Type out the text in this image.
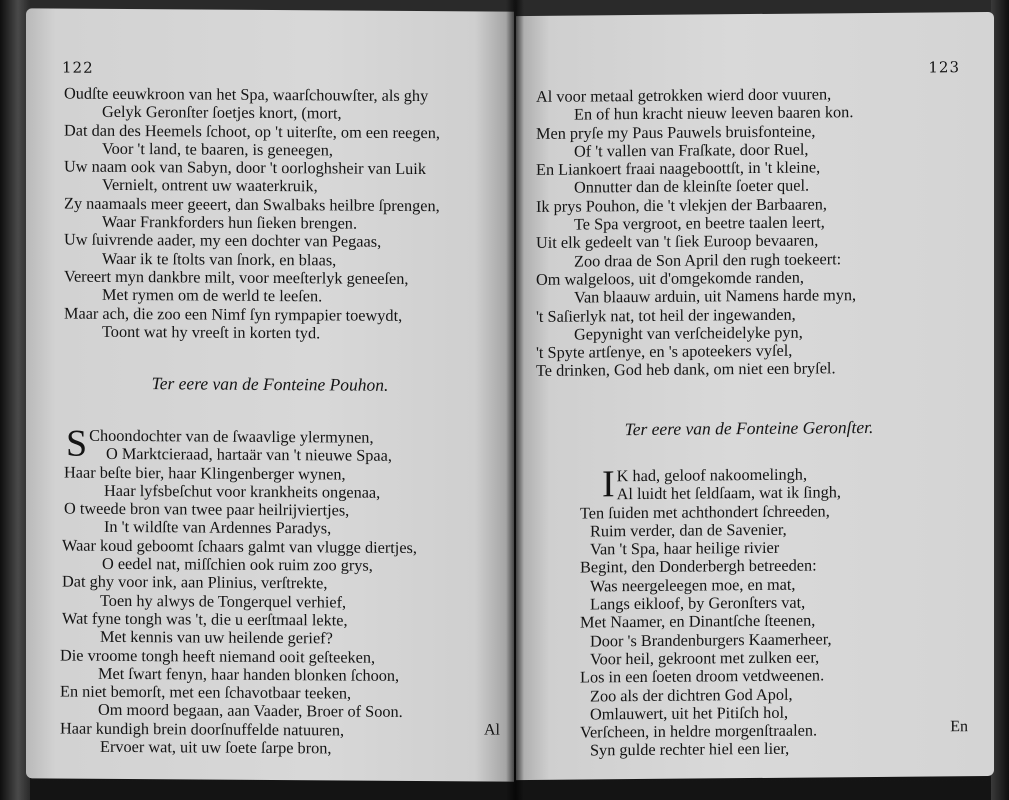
122
Oudſte eeuwkroon van het Spa, waarſchouwſter, als ghy
Gelyk Geronſter ſoetjes knort, (mort,
Dat dan des Heemels ſchoot, op 't uiterſte, om een reegen,
Voor 't land, te baaren, is geneegen,
Uw naam ook van Sabyn, door 't oorloghsheir van Luik
Vernielt, ontrent uw waaterkruik,
Zy naamaals meer geeert, dan Swalbaks heilbre ſprengen,
Waar Frankforders hun ſieken brengen.
Uw ſuivrende aader, my een dochter van Pegaas,
Waar ik te ſtolts van ſnork, en blaas,
Vereert myn dankbre milt, voor meeſterlyk geneeſen,
Met rymen om de werld te leeſen.
Maar ach, die zoo een Nimf ſyn rympapier toewydt,
Toont wat hy vreeſt in korten tyd.
Ter eere van de Fonteine Pouhon.
S Choondochter van de ſwaavlige ylermynen,
O Marktcieraad, hartaär van 't nieuwe Spaa,
Haar beſte bier, haar Klingenberger wynen,
Haar lyfsbeſchut voor krankheits ongenaa,
O tweede bron van twee paar heilrijviertjes,
In 't wildſte van Ardennes Paradys,
Waar koud geboomt ſchaars galmt van vlugge diertjes,
O eedel nat, miſſchien ook ruim zoo grys,
Dat ghy voor ink, aan Plinius, verſtrekte,
Toen hy alwys de Tongerquel verhief,
Wat fyne tongh was 't, die u eerſtmaal lekte,
Met kennis van uw heilende gerief?
Die vroome tongh heeft niemand ooit geſteeken,
Met ſwart fenyn, haar handen blonken ſchoon,
En niet bemorſt, met een ſchavotbaar teeken,
Om moord begaan, aan Vaader, Broer of Soon.
Haar kundigh brein doorſnuffelde natuuren,
Ervoer wat, uit uw ſoete ſarpe bron,
Al
123
Al voor metaal getrokken wierd door vuuren,
En of hun kracht nieuw leeven baaren kon.
Men pryſe my Paus Pauwels bruisfonteine,
Of 't vallen van Fraſkate, door Ruel,
En Liankoert fraai naageboottſt, in 't kleine,
Onnutter dan de kleinſte ſoeter quel.
Ik prys Pouhon, die 't vlekjen der Barbaaren,
Te Spa vergroot, en beetre taalen leert,
Uit elk gedeelt van 't ſiek Euroop bevaaren,
Zoo draa de Son April den rugh toekeert:
Om walgeloos, uit d'omgekomde randen,
Van blaauw arduin, uit Namens harde myn,
't Saſierlyk nat, tot heil der ingewanden,
Gepynight van verſcheidelyke pyn,
't Spyte artſenye, en 's apoteekers vyſel,
Te drinken, God heb dank, om niet een bryſel.
Ter eere van de Fonteine Geronſter.
I K had, geloof nakoomelingh,
Al luidt het ſeldſaam, wat ik ſingh,
Ten ſuiden met achthondert ſchreeden,
Ruim verder, dan de Savenier,
Van 't Spa, haar heilige rivier
Begint, den Donderbergh betreeden:
Was neergeleegen moe, en mat,
Langs eikloof, by Geronſters vat,
Met Naamer, en Dinantſche ſteenen,
Door 's Brandenburgers Kaamerheer,
Voor heil, gekroont met zulken eer,
Los in een ſoeten droom vetdweenen.
Zoo als der dichtren God Apol,
Omlauwert, uit het Pitiſch hol,
Verſcheen, in heldre morgenſtraalen.
Syn gulde rechter hiel een lier,
En
